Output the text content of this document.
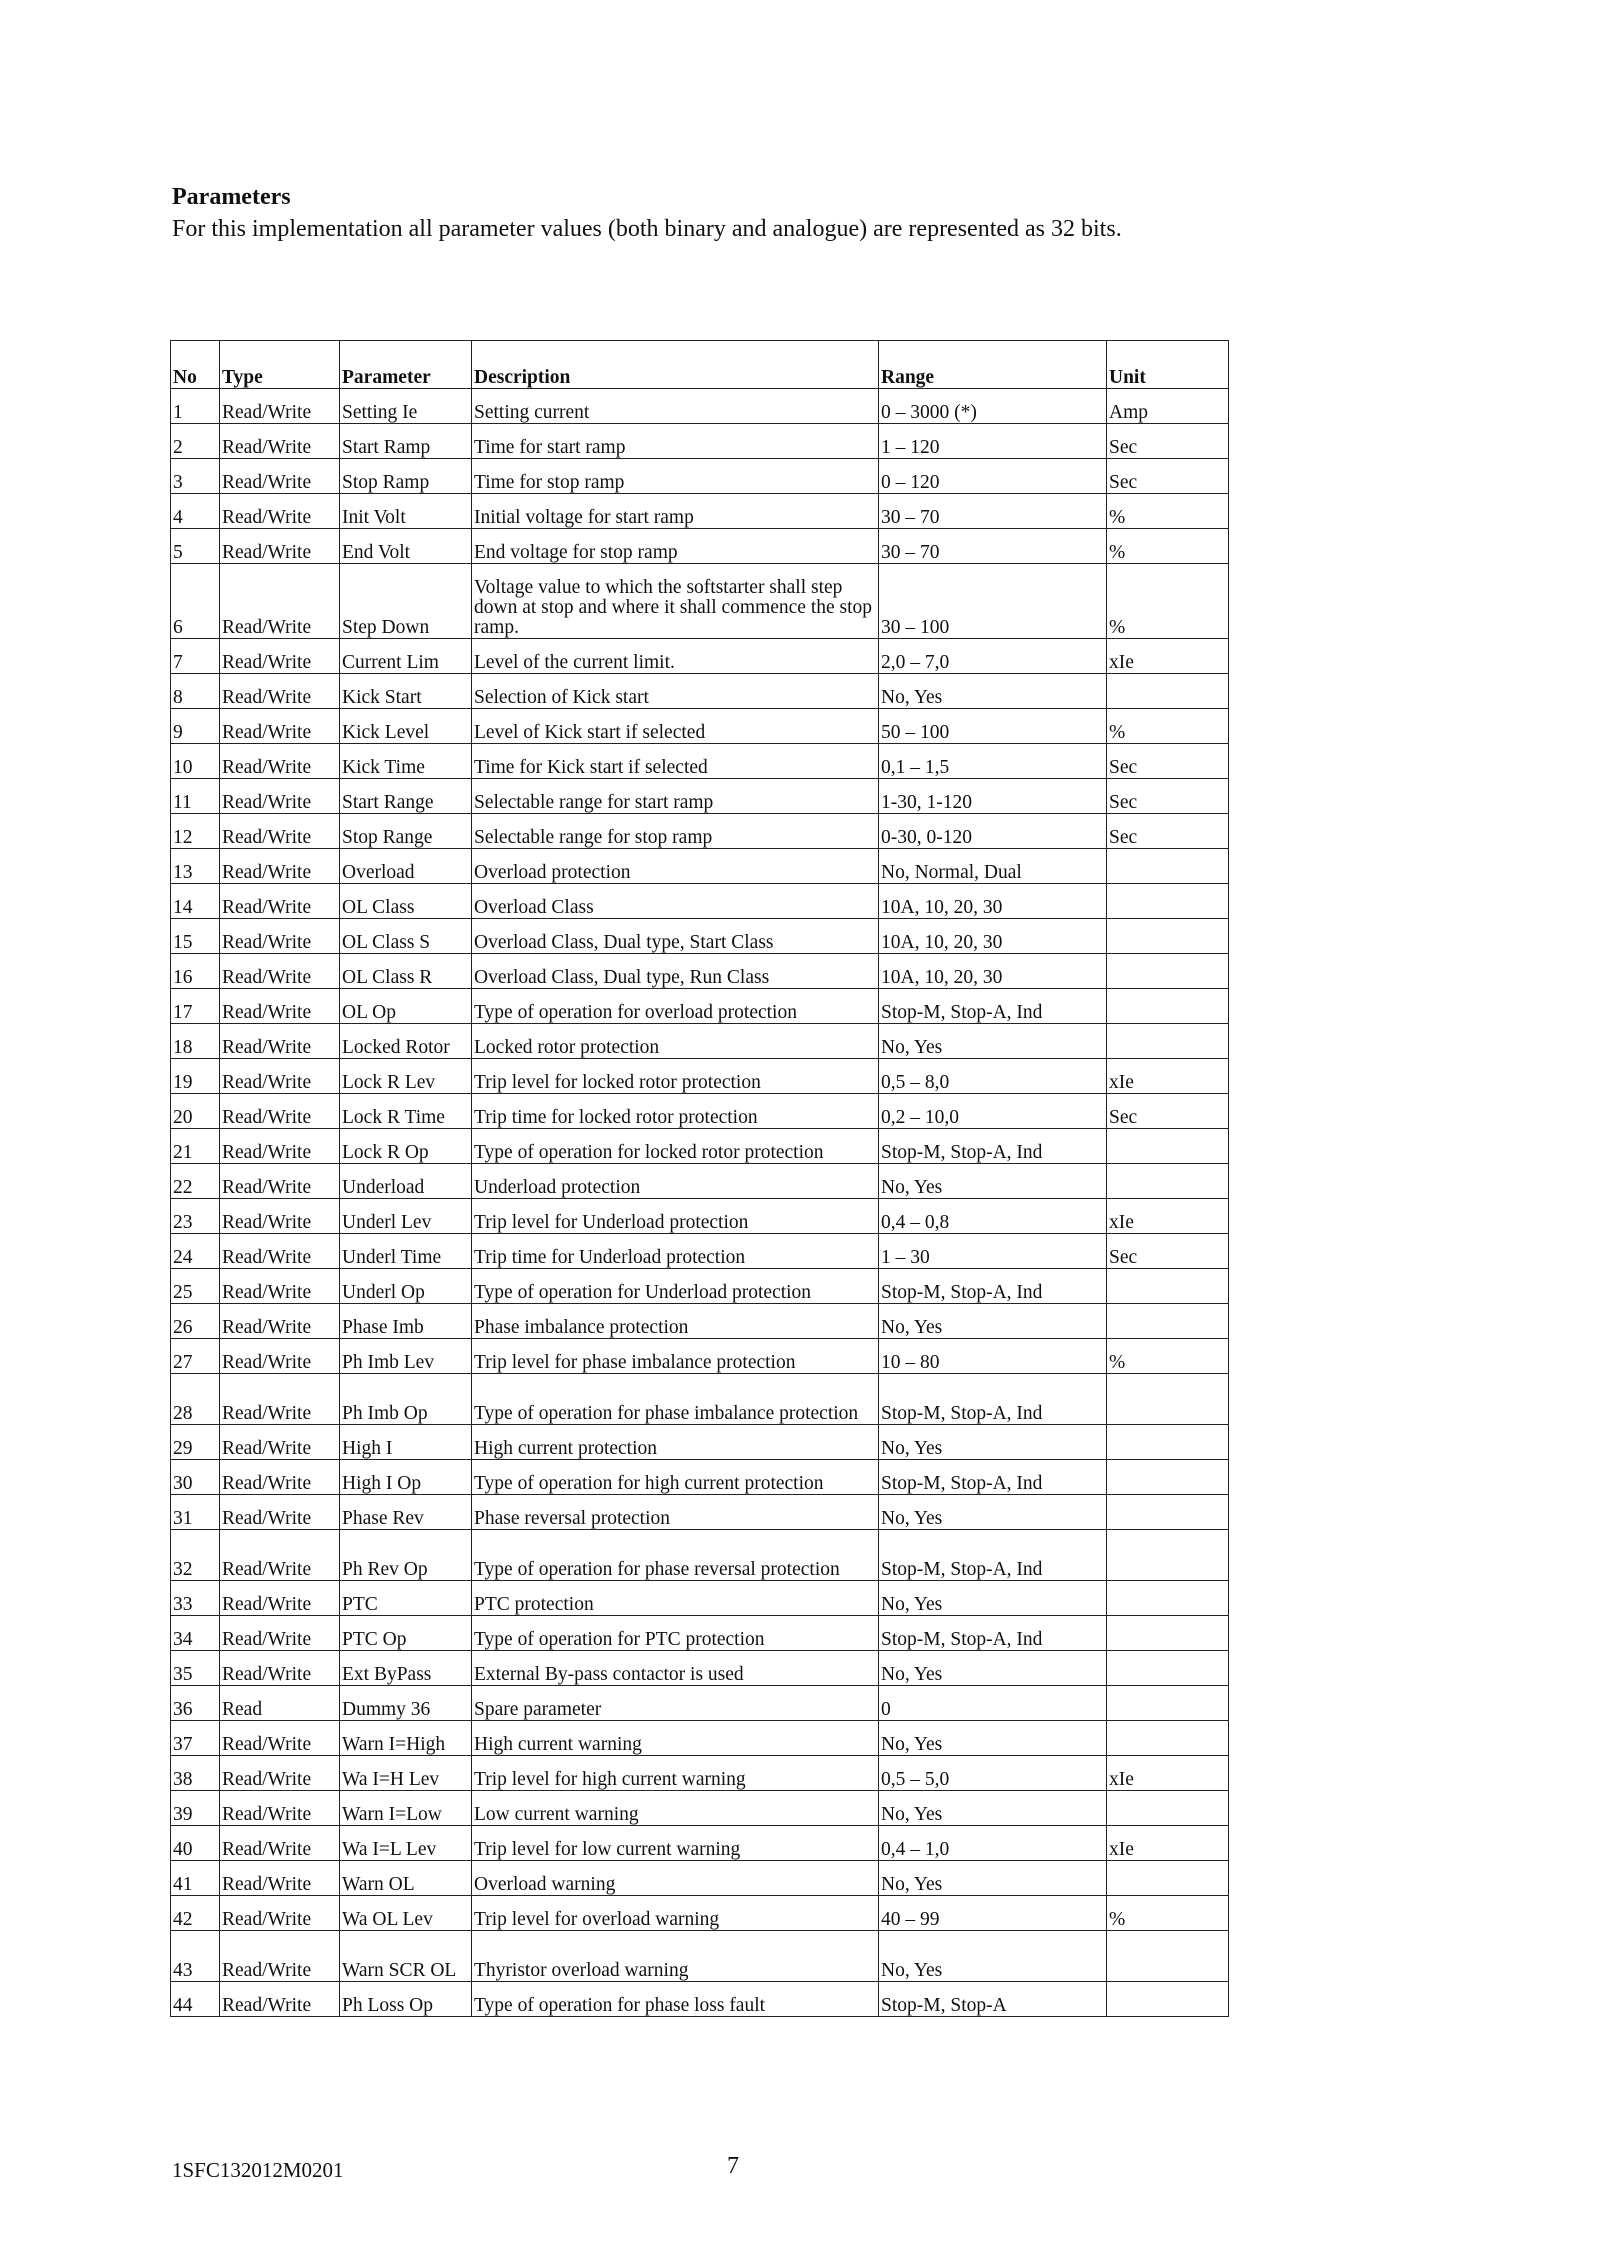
Parameters
For this implementation all parameter values (both binary and analogue) are represented as 32 bits.
No	Type	Parameter	Description	Range	Unit
1	Read/Write	Setting Ie	Setting current	0 – 3000 (*)	Amp
2	Read/Write	Start Ramp	Time for start ramp	1 – 120	Sec
3	Read/Write	Stop Ramp	Time for stop ramp	0 – 120	Sec
4	Read/Write	Init Volt	Initial voltage for start ramp	30 – 70	%
5	Read/Write	End Volt	End voltage for stop ramp	30 – 70	%
6	Read/Write	Step Down	Voltage value to which the softstarter shall step down at stop and where it shall commence the stop ramp.	30 – 100	%
7	Read/Write	Current Lim	Level of the current limit.	2,0 – 7,0	xIe
8	Read/Write	Kick Start	Selection of Kick start	No, Yes	
9	Read/Write	Kick Level	Level of Kick start if selected	50 – 100	%
10	Read/Write	Kick Time	Time for Kick start if selected	0,1 – 1,5	Sec
11	Read/Write	Start Range	Selectable range for start ramp	1-30, 1-120	Sec
12	Read/Write	Stop Range	Selectable range for stop ramp	0-30, 0-120	Sec
13	Read/Write	Overload	Overload protection	No, Normal, Dual	
14	Read/Write	OL Class	Overload Class	10A, 10, 20, 30	
15	Read/Write	OL Class S	Overload Class, Dual type, Start Class	10A, 10, 20, 30	
16	Read/Write	OL Class R	Overload Class, Dual type, Run Class	10A, 10, 20, 30	
17	Read/Write	OL Op	Type of operation for overload protection	Stop-M, Stop-A, Ind	
18	Read/Write	Locked Rotor	Locked rotor protection	No, Yes	
19	Read/Write	Lock R Lev	Trip level for locked rotor protection	0,5 – 8,0	xIe
20	Read/Write	Lock R Time	Trip time for locked rotor protection	0,2 – 10,0	Sec
21	Read/Write	Lock R Op	Type of operation for locked rotor protection	Stop-M, Stop-A, Ind	
22	Read/Write	Underload	Underload protection	No, Yes	
23	Read/Write	Underl Lev	Trip level for Underload protection	0,4 – 0,8	xIe
24	Read/Write	Underl Time	Trip time for Underload protection	1 – 30	Sec
25	Read/Write	Underl Op	Type of operation for Underload protection	Stop-M, Stop-A, Ind	
26	Read/Write	Phase Imb	Phase imbalance protection	No, Yes	
27	Read/Write	Ph Imb Lev	Trip level for phase imbalance protection	10 – 80	%
28	Read/Write	Ph Imb Op	Type of operation for phase imbalance protection	Stop-M, Stop-A, Ind	
29	Read/Write	High I	High current protection	No, Yes	
30	Read/Write	High I Op	Type of operation for high current protection	Stop-M, Stop-A, Ind	
31	Read/Write	Phase Rev	Phase reversal protection	No, Yes	
32	Read/Write	Ph Rev Op	Type of operation for phase reversal protection	Stop-M, Stop-A, Ind	
33	Read/Write	PTC	PTC protection	No, Yes	
34	Read/Write	PTC Op	Type of operation for PTC protection	Stop-M, Stop-A, Ind	
35	Read/Write	Ext ByPass	External By-pass contactor is used	No, Yes	
36	Read	Dummy 36	Spare parameter	0	
37	Read/Write	Warn I=High	High current warning	No, Yes	
38	Read/Write	Wa I=H Lev	Trip level for high current warning	0,5 – 5,0	xIe
39	Read/Write	Warn I=Low	Low current warning	No, Yes	
40	Read/Write	Wa I=L Lev	Trip level for low current warning	0,4 – 1,0	xIe
41	Read/Write	Warn OL	Overload warning	No, Yes	
42	Read/Write	Wa OL Lev	Trip level for overload warning	40 – 99	%
43	Read/Write	Warn SCR OL	Thyristor overload warning	No, Yes	
44	Read/Write	Ph Loss Op	Type of operation for phase loss fault	Stop-M, Stop-A	
1SFC132012M0201	7
